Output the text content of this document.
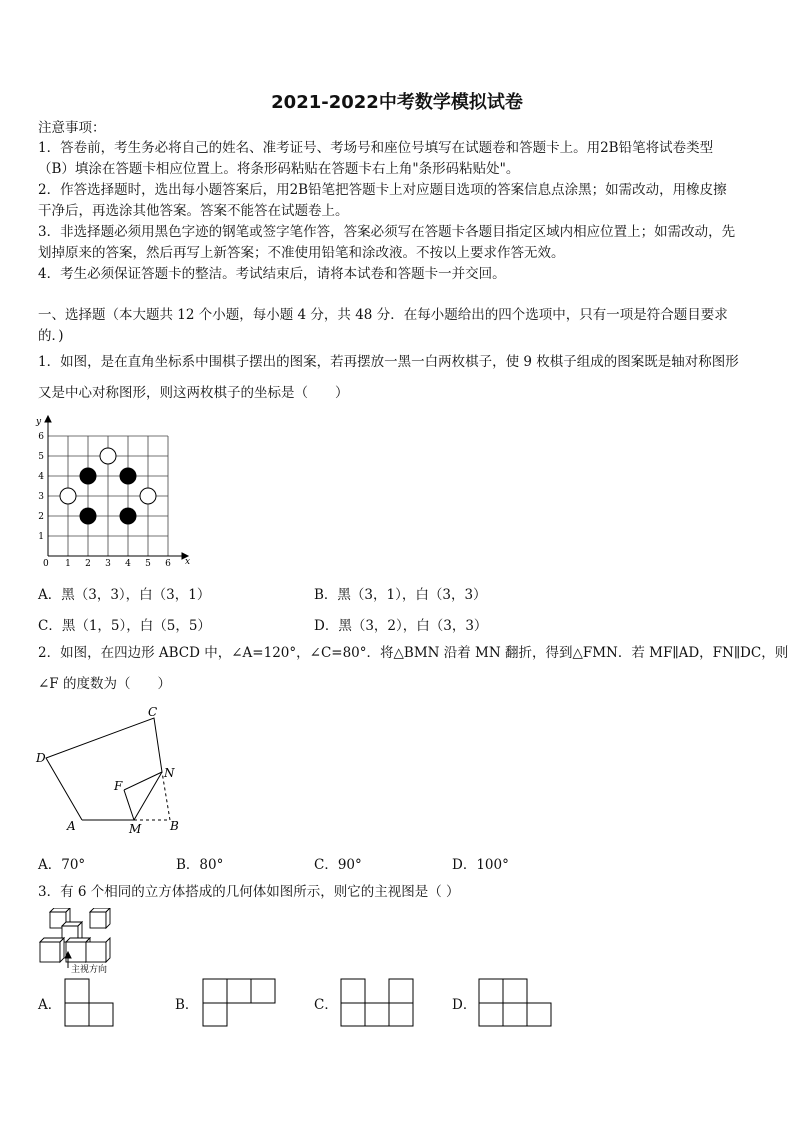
2021-2022中考数学模拟试卷
注意事项：
1．答卷前，考生务必将自己的姓名、准考证号、考场号和座位号填写在试题卷和答题卡上。用2B铅笔将试卷类型
（B）填涂在答题卡相应位置上。将条形码粘贴在答题卡右上角"条形码粘贴处"。
2．作答选择题时，选出每小题答案后，用2B铅笔把答题卡上对应题目选项的答案信息点涂黑；如需改动，用橡皮擦
干净后，再选涂其他答案。答案不能答在试题卷上。
3．非选择题必须用黑色字迹的钢笔或签字笔作答，答案必须写在答题卡各题目指定区域内相应位置上；如需改动，先
划掉原来的答案，然后再写上新答案；不准使用铅笔和涂改液。不按以上要求作答无效。
4．考生必须保证答题卡的整洁。考试结束后，请将本试卷和答题卡一并交回。
一、选择题（本大题共 12 个小题，每小题 4 分，共 48 分．在每小题给出的四个选项中，只有一项是符合题目要求
的．)
1．如图，是在直角坐标系中围棋子摆出的图案，若再摆放一黑一白两枚棋子，使 9 枚棋子组成的图案既是轴对称图形
又是中心对称图形，则这两枚棋子的坐标是（　　）
x
y
0 1 2 3 4 5 6
1
2
3
4
5
6
A．黑（3，3），白（3，1）	B．黑（3，1），白（3，3）
C．黑（1，5），白（5，5）	D．黑（3，2），白（3，3）
2．如图，在四边形 ABCD 中，∠A=120°，∠C=80°．将△BMN 沿着 MN 翻折，得到△FMN．若 MF∥AD，FN∥DC，则
∠F 的度数为（　　）
C
D
A	M B
F
N
A．70°	B．80°	C．90°	D．100°
3．有 6 个相同的立方体搭成的几何体如图所示，则它的主视图是（ ）
主视方向
A．	B．	C．	D．
